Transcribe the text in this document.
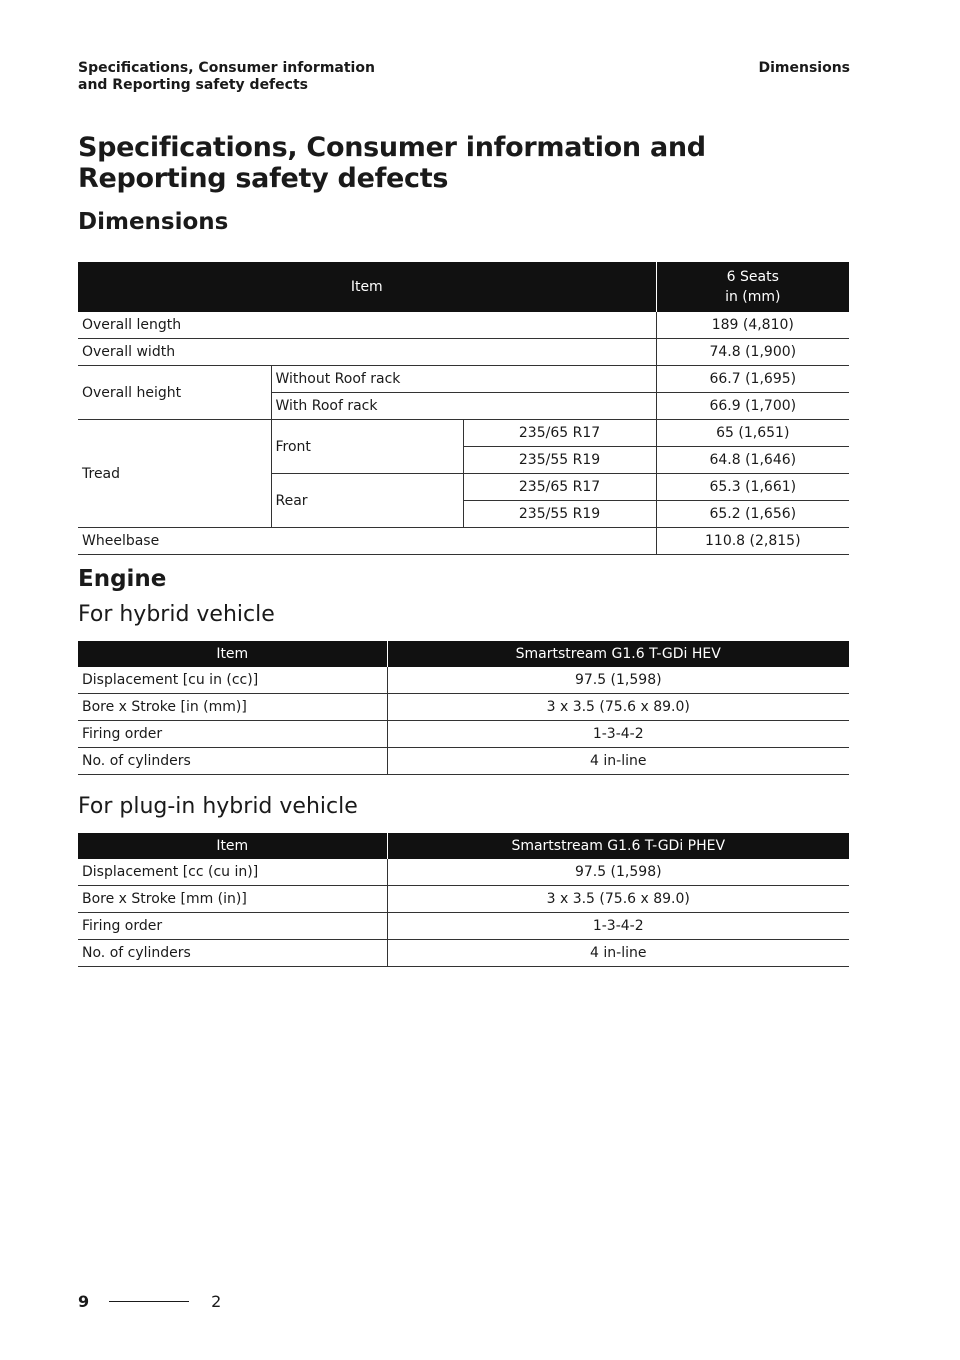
Specifications, Consumer information
and Reporting safety defects
Dimensions
Specifications, Consumer information and Reporting safety defects
Dimensions
Item			6 Seats
in (mm)

Overall length			189 (4,810)
Overall width			74.8 (1,900)
Overall height	Without Roof rack		66.7 (1,695)
	With Roof rack		66.9 (1,700)
Tread	Front	235/65 R17	65 (1,651)
		235/55 R19	64.8 (1,646)
	Rear	235/65 R17	65.3 (1,661)
		235/55 R19	65.2 (1,656)
Wheelbase			110.8 (2,815)
Engine
For hybrid vehicle
Item	Smartstream G1.6 T-GDi HEV
Displacement [cu in (cc)]	97.5 (1,598)
Bore x Stroke [in (mm)]	3 x 3.5 (75.6 x 89.0)
Firing order	1-3-4-2
No. of cylinders	4 in-line
For plug-in hybrid vehicle
Item	Smartstream G1.6 T-GDi PHEV
Displacement [cc (cu in)]	97.5 (1,598)
Bore x Stroke [mm (in)]	3 x 3.5 (75.6 x 89.0)
Firing order	1-3-4-2
No. of cylinders	4 in-line
9	2
